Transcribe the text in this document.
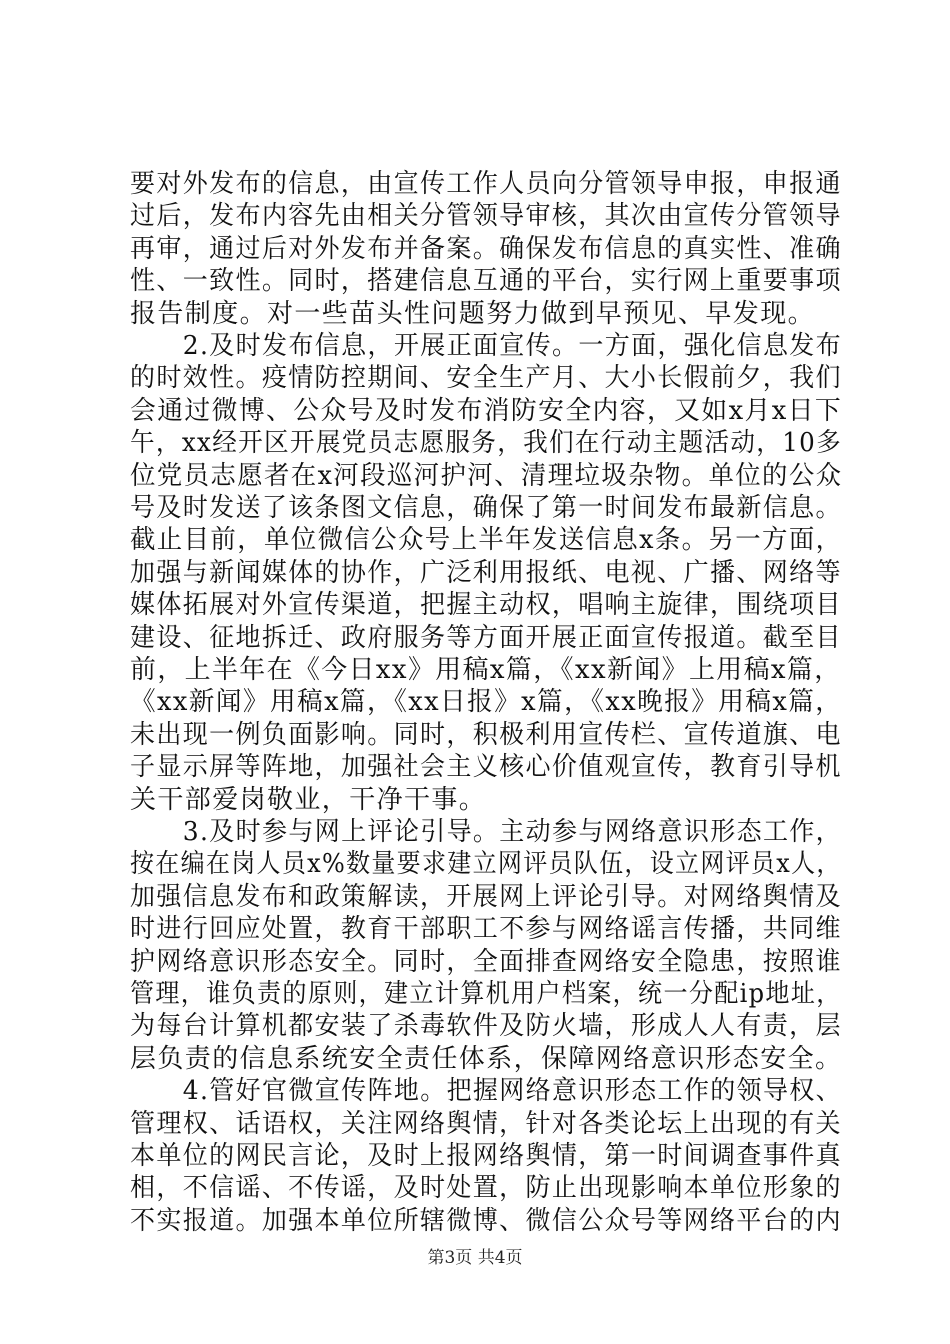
要对外发布的信息，由宣传工作人员向分管领导申报，申报通
过后，发布内容先由相关分管领导审核，其次由宣传分管领导
再审，通过后对外发布并备案。确保发布信息的真实性、准确
性、一致性。同时，搭建信息互通的平台，实行网上重要事项
报告制度。对一些苗头性问题努力做到早预见、早发现。
　　2.及时发布信息，开展正面宣传。一方面，强化信息发布
的时效性。疫情防控期间、安全生产月、大小长假前夕，我们
会通过微博、公众号及时发布消防安全内容，又如x月x日下
午，xx经开区开展党员志愿服务，我们在行动主题活动，10多
位党员志愿者在x河段巡河护河、清理垃圾杂物。单位的公众
号及时发送了该条图文信息，确保了第一时间发布最新信息。
截止目前，单位微信公众号上半年发送信息x条。另一方面，
加强与新闻媒体的协作，广泛利用报纸、电视、广播、网络等
媒体拓展对外宣传渠道，把握主动权，唱响主旋律，围绕项目
建设、征地拆迁、政府服务等方面开展正面宣传报道。截至目
前，上半年在《今日xx》用稿x篇，《xx新闻》上用稿x篇，
《xx新闻》用稿x篇，《xx日报》x篇，《xx晚报》用稿x篇，
未出现一例负面影响。同时，积极利用宣传栏、宣传道旗、电
子显示屏等阵地，加强社会主义核心价值观宣传，教育引导机
关干部爱岗敬业，干净干事。
　　3.及时参与网上评论引导。主动参与网络意识形态工作，
按在编在岗人员x%数量要求建立网评员队伍，设立网评员x人，
加强信息发布和政策解读，开展网上评论引导。对网络舆情及
时进行回应处置，教育干部职工不参与网络谣言传播，共同维
护网络意识形态安全。同时，全面排查网络安全隐患，按照谁
管理，谁负责的原则，建立计算机用户档案，统一分配ip地址，
为每台计算机都安装了杀毒软件及防火墙，形成人人有责，层
层负责的信息系统安全责任体系，保障网络意识形态安全。
　　4.管好官微宣传阵地。把握网络意识形态工作的领导权、
管理权、话语权，关注网络舆情，针对各类论坛上出现的有关
本单位的网民言论，及时上报网络舆情，第一时间调查事件真
相，不信谣、不传谣，及时处置，防止出现影响本单位形象的
不实报道。加强本单位所辖微博、微信公众号等网络平台的内
第3页 共4页
